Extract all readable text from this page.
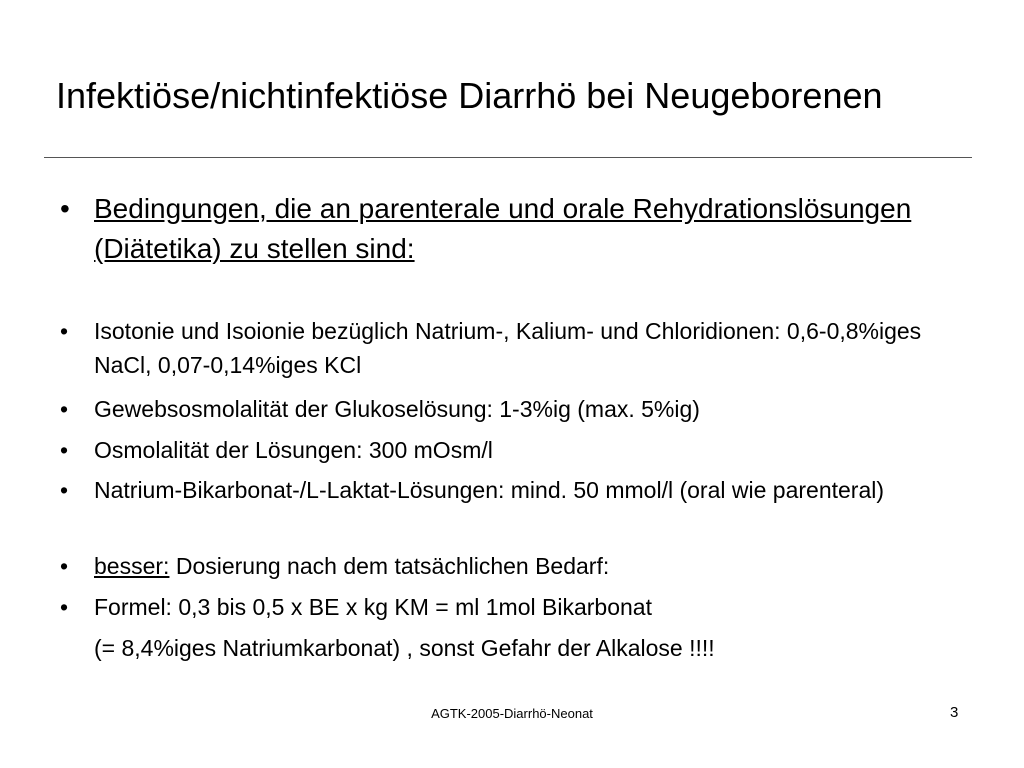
Infektiöse/nichtinfektiöse Diarrhö bei Neugeborenen
• Bedingungen, die an parenterale und orale Rehydrationslösungen (Diätetika) zu stellen sind:
• Isotonie und Isoionie bezüglich Natrium-, Kalium- und Chloridionen: 0,6-0,8%iges NaCl, 0,07-0,14%iges KCl
• Gewebsosmolalität der Glukoselösung: 1-3%ig (max. 5%ig)
• Osmolalität der Lösungen: 300 mOsm/l
• Natrium-Bikarbonat-/L-Laktat-Lösungen: mind. 50 mmol/l (oral wie parenteral)
• besser: Dosierung nach dem tatsächlichen Bedarf:
• Formel: 0,3 bis 0,5 x BE x kg KM = ml 1mol Bikarbonat
(= 8,4%iges Natriumkarbonat) , sonst Gefahr der Alkalose !!!!
AGTK-2005-Diarrhö-Neonat	3
